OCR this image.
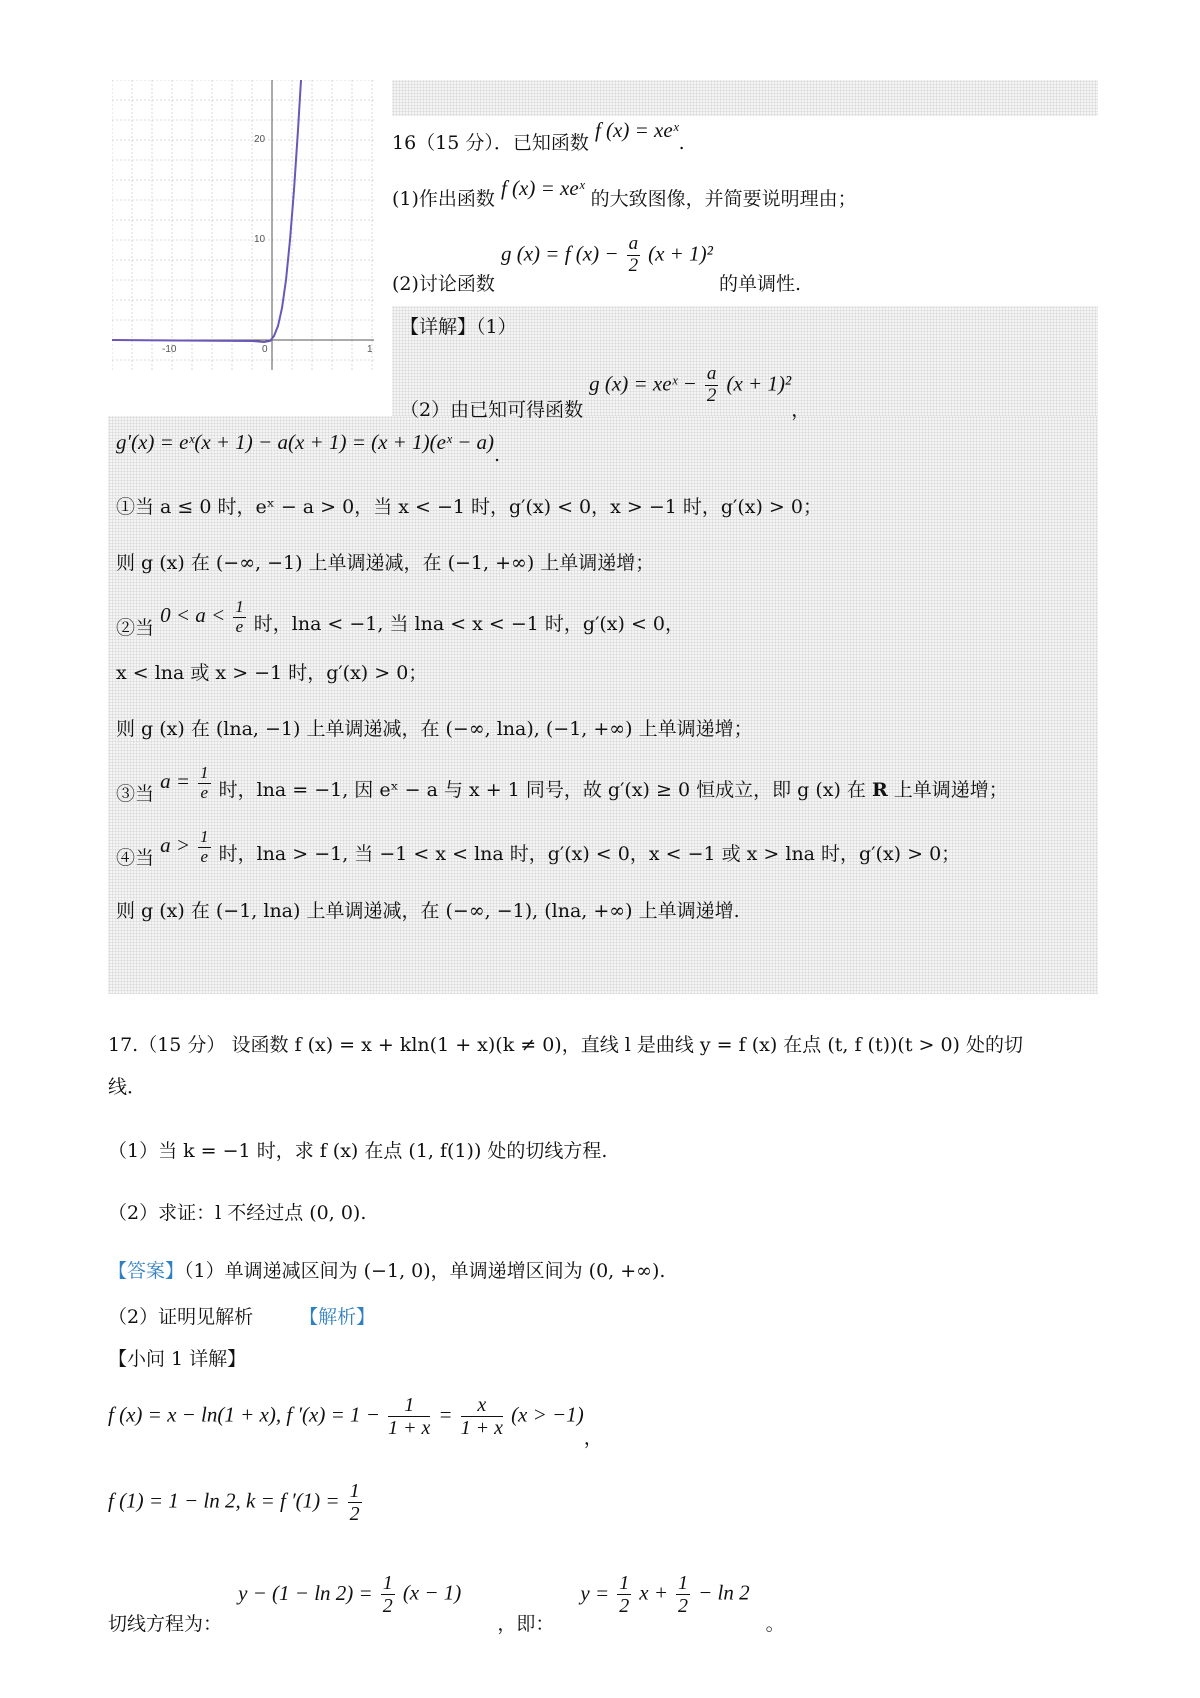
20
10
-10	0	1
16（15 分）．已知函数 f (x) = xeˣ.
(1)作出函数 f (x) = xeˣ 的大致图像，并简要说明理由；
(2)讨论函数 g (x) = f $(x) - \frac{a}{2} (x + 1)^2$ 的单调性.
【详解】（1）
（2）由已知可得函数 g (x) = xeˣ − $\frac{a}{2} (x + 1)^2$，
g′(x) = eˣ(x + 1) − a(x + 1) = (x + 1)(eˣ − a).
①当 a ≤ 0 时，eˣ − a > 0，当 x < −1 时，g′(x) < 0，x > −1 时，g′(x) > 0；
则 g (x) 在 (−∞, −1) 上单调递减，在 (−1, +∞) 上单调递增；
②当 $0 < a < \frac{1}{e}$ 时，lna < −1, 当 lna < x < −1 时，g′(x) < 0，
x < lna 或 x > −1 时，g′(x) > 0；
则 g (x) 在 (lna, −1) 上单调递减，在 (−∞, lna), (−1, +∞) 上单调递增；
③当 $a = \frac{1}{e}$ 时，lna = −1, 因 eˣ − a 与 x + 1 同号，故 g′(x) ≥ 0 恒成立，即 g (x) 在 R 上单调递增；
④当 $a > \frac{1}{e}$ 时，lna > −1, 当 −1 < x < lna 时，g′(x) < 0，x < −1 或 x > lna 时，g′(x) > 0；
则 g (x) 在 (−1, lna) 上单调递减，在 (−∞, −1), (lna, +∞) 上单调递增.
17.（15 分） 设函数 f (x) = x + kln(1 + x)(k ≠ 0)，直线 l 是曲线 y = f (x) 在点 (t, f (t))(t > 0) 处的切
线．
（1）当 k = −1 时，求 f (x) 在点 (1, f(1)) 处的切线方程.
（2）求证：l 不经过点 (0, 0).
【答案】（1）单调递减区间为 (−1, 0)，单调递增区间为 (0, +∞).
（2）证明见解析 【解析】
【小问 1 详解】
f (x) = x − ln(1 + x), f $'(x) = 1 - \frac{1}{1 + x} = \frac{x}{1 + x} (x > -1)$，
f (1) = 1 − ln 2, k = f $'(1) = \frac{1}{2}$
切线方程为： $y - (1 - \ln 2) = \frac{1}{2} (x - 1)$ ，即： $y = \frac{1}{2}$ $x + \frac{1}{2} - \ln 2$ 。
